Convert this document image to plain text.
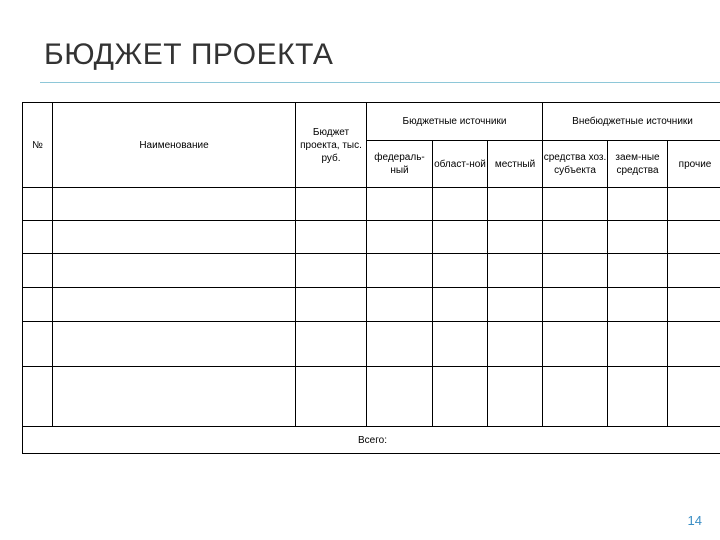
БЮДЖЕТ ПРОЕКТА
№	Наименование	Бюджет проекта, тыс. руб.	Бюджетные источники			Внебюджетные источники		
			федераль-ный	област-ной	местный	средства хоз. субъекта	заем-ные средства	прочие

Всего:								
14
